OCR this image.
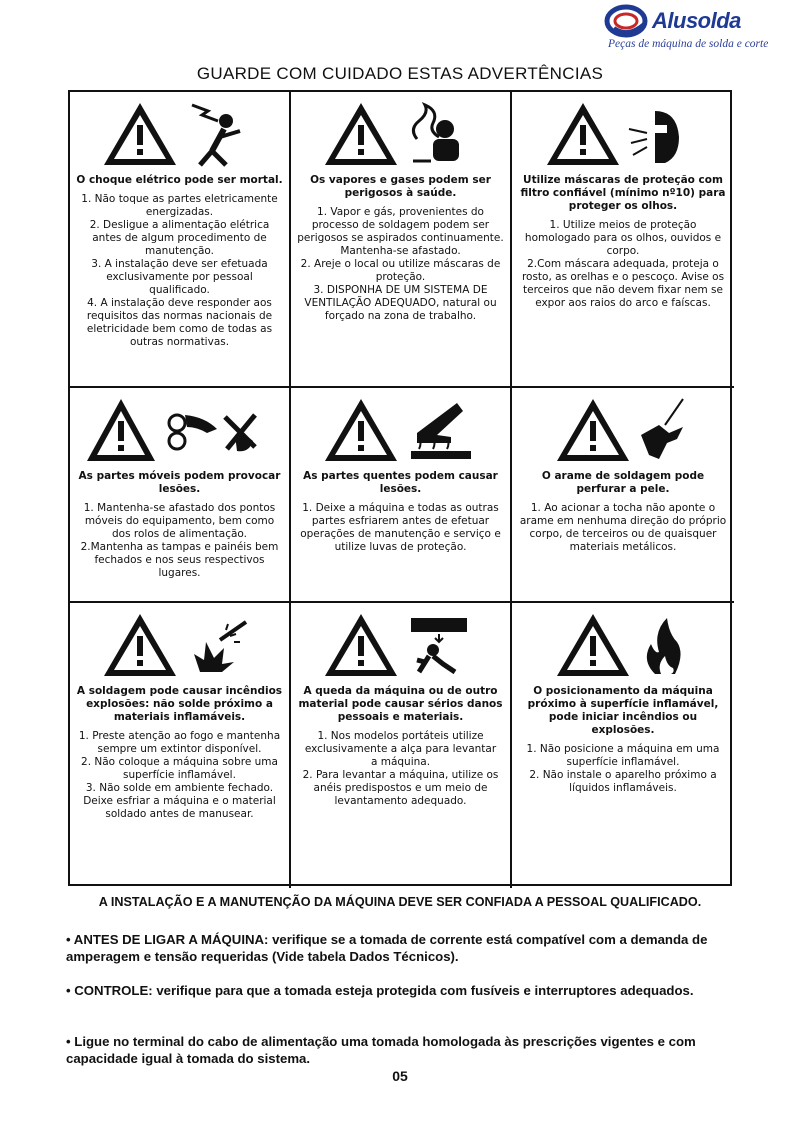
Alusolda
Peças de máquina de solda e corte
GUARDE COM CUIDADO ESTAS ADVERTÊNCIAS
O choque elétrico pode ser mortal.
1. Não toque as partes eletricamente energizadas.
2. Desligue a alimentação elétrica antes de algum procedimento de manutenção.
3. A instalação deve ser efetuada exclusivamente por pessoal qualificado.
4. A instalação deve responder aos requisitos das normas nacionais de eletricidade bem como de todas as outras normativas.
Os vapores e gases podem ser perigosos à saúde.
1. Vapor e gás, provenientes do processo de soldagem podem ser perigosos se aspirados continuamente. Mantenha-se afastado.
2. Areje o local ou utilize máscaras de proteção.
3. DISPONHA DE UM SISTEMA DE VENTILAÇÃO ADEQUADO, natural ou forçado na zona de trabalho.
Utilize máscaras de proteção com filtro confiável (mínimo nº10) para proteger os olhos.
1. Utilize meios de proteção homologado para os olhos, ouvidos e corpo.
2.Com máscara adequada, proteja o rosto, as orelhas e o pescoço. Avise os terceiros que não devem fixar nem se expor aos raios do arco e faíscas.
As partes móveis podem provocar lesões.
1. Mantenha-se afastado dos pontos móveis do equipamento, bem como dos rolos de alimentação.
2.Mantenha as tampas e painéis bem fechados e nos seus respectivos lugares.
As partes quentes podem causar lesões.
1. Deixe a máquina e todas as outras partes esfriarem antes de efetuar operações de manutenção e serviço e utilize luvas de proteção.
O arame de soldagem pode perfurar a pele.
1. Ao acionar a tocha não aponte o arame em nenhuma direção do próprio corpo, de terceiros ou de quaisquer materiais metálicos.
A soldagem pode causar incêndios explosões: não solde próximo a materiais inflamáveis.
1. Preste atenção ao fogo e mantenha sempre um extintor disponível.
2. Não coloque a máquina sobre uma superfície inflamável.
3. Não solde em ambiente fechado.
Deixe esfriar a máquina e o material soldado antes de manusear.
A queda da máquina ou de outro material pode causar sérios danos pessoais e materiais.
1. Nos modelos portáteis utilize exclusivamente a alça para levantar
a máquina.
2. Para levantar a máquina, utilize os anéis predispostos e um meio de levantamento adequado.
O posicionamento da máquina próximo à superfície inflamável, pode iniciar incêndios ou explosões.
1. Não posicione a máquina em uma superfície inflamável.
2. Não instale o aparelho próximo a líquidos inflamáveis.
A INSTALAÇÃO E A MANUTENÇÃO DA MÁQUINA DEVE SER CONFIADA A PESSOAL QUALIFICADO.
• ANTES DE LIGAR A MÁQUINA: verifique se a tomada de corrente está compatível com a demanda de amperagem e tensão requeridas (Vide tabela Dados Técnicos).
• CONTROLE: verifique para que a tomada esteja protegida com fusíveis e interruptores adequados.
• Ligue no terminal do cabo de alimentação uma tomada homologada às prescrições vigentes e com capacidade igual à tomada do sistema.
05
